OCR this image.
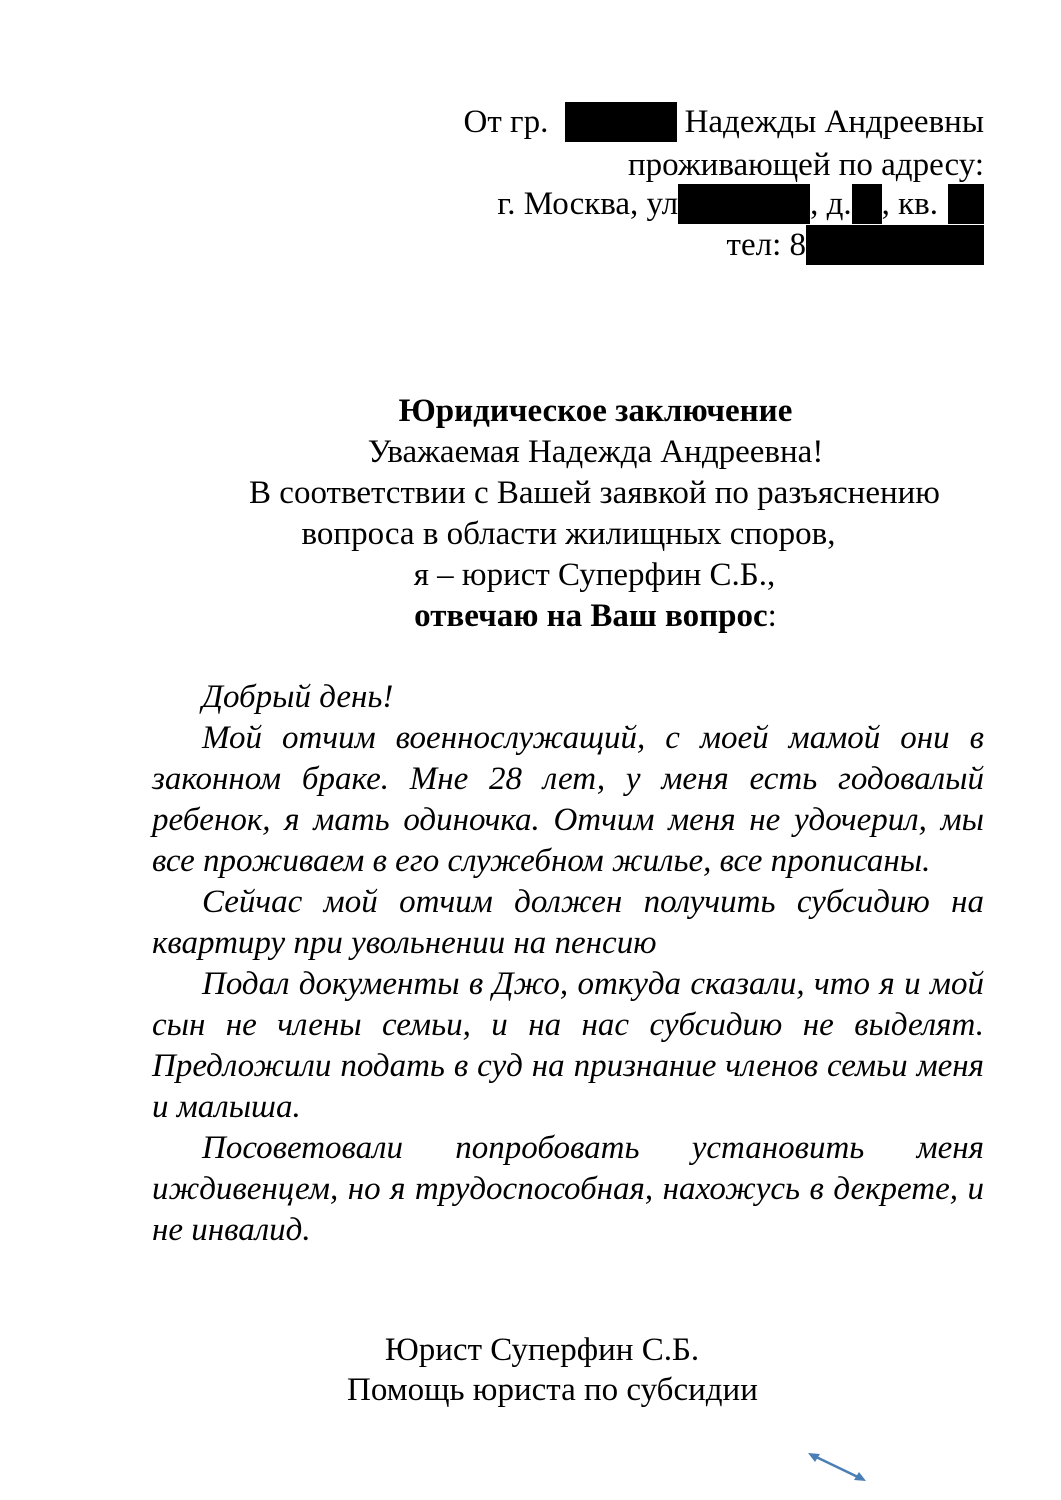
От гр.	Надежды Андреевны
проживающей по адресу:
г. Москва, ул	, д. , кв.
тел: 8
Юридическое заключение
Уважаемая Надежда Андреевна!
В соответствии с Вашей заявкой по разъяснению
вопроса в области жилищных споров,
я – юрист Суперфин С.Б.,
отвечаю на Ваш вопрос:

Добрый день!

Мой отчим военнослужащий, с моей мамой они в законном браке. Мне 28 лет, у меня есть годовалый ребенок, я мать одиночка. Отчим меня не удочерил, мы все проживаем в его служебном жилье, все прописаны.

Сейчас мой отчим должен получить субсидию на квартиру при увольнении на пенсию

Подал документы в Джо, откуда сказали, что я и мой сын не члены семьи, и на нас субсидию не выделят. Предложили подать в суд на признание членов семьи меня и малыша.

Посоветовали попробовать установить меня иждивенцем, но я трудоспособная, нахожусь в декрете, и не инвалид.

Юрист Суперфин С.Б.
Помощь юриста по субсидии
